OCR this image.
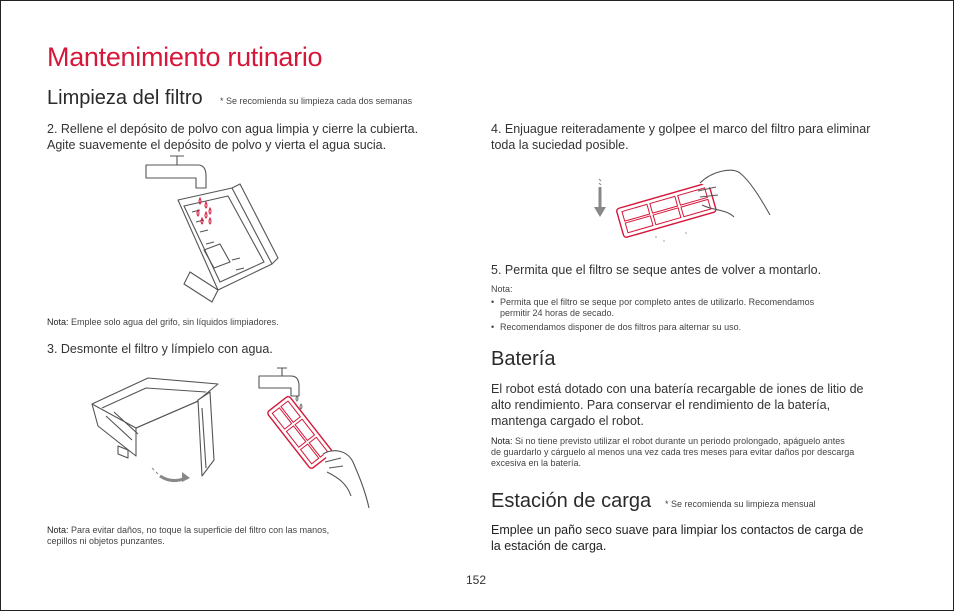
Mantenimiento rutinario
Limpieza del filtro * Se recomienda su limpieza cada dos semanas
2. Rellene el depósito de polvo con agua limpia y cierre la cubierta.
Agite suavemente el depósito de polvo y vierta el agua sucia.
Nota: Emplee solo agua del grifo, sin líquidos limpiadores.
3. Desmonte el filtro y límpielo con agua.
Nota: Para evitar daños, no toque la superficie del filtro con las manos,
cepillos ni objetos punzantes.
4. Enjuague reiteradamente y golpee el marco del filtro para eliminar
toda la suciedad posible.
5. Permita que el filtro se seque antes de volver a montarlo.
Nota:
• Permita que el filtro se seque por completo antes de utilizarlo. Recomendamos
permitir 24 horas de secado.
• Recomendamos disponer de dos filtros para alternar su uso.
Batería
El robot está dotado con una batería recargable de iones de litio de
alto rendimiento. Para conservar el rendimiento de la batería,
mantenga cargado el robot.
Nota: Si no tiene previsto utilizar el robot durante un periodo prolongado, apáguelo antes
de guardarlo y cárguelo al menos una vez cada tres meses para evitar daños por descarga
excesiva en la batería.
Estación de carga * Se recomienda su limpieza mensual
Emplee un paño seco suave para limpiar los contactos de carga de
la estación de carga.
152
